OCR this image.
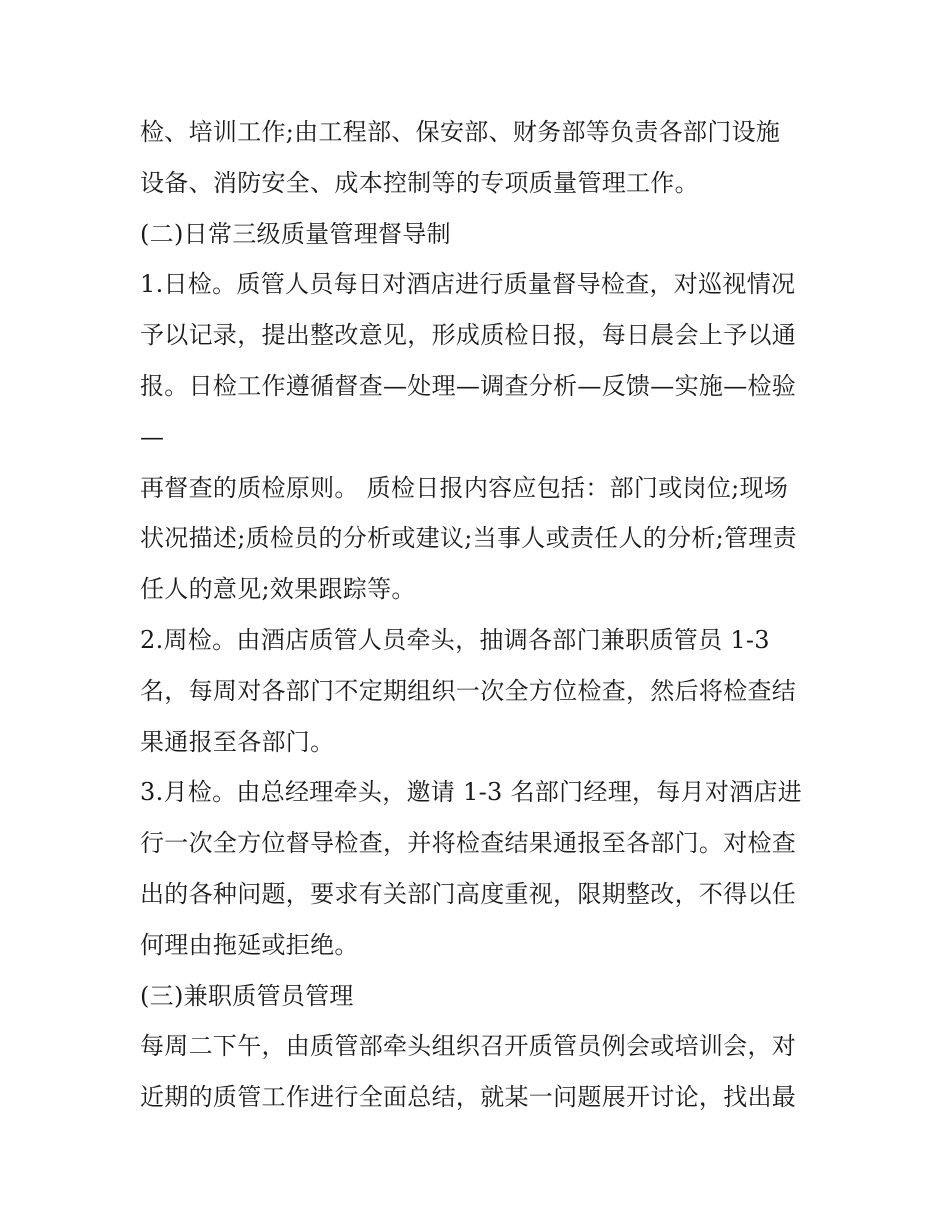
检、培训工作;由工程部、保安部、财务部等负责各部门设施
设备、消防安全、成本控制等的专项质量管理工作。
(二)日常三级质量管理督导制
1.日检。质管人员每日对酒店进行质量督导检查，对巡视情况
予以记录，提出整改意见，形成质检日报，每日晨会上予以通
报。日检工作遵循督查—处理—调查分析—反馈—实施—检验
—
再督查的质检原则。 质检日报内容应包括：部门或岗位;现场
状况描述;质检员的分析或建议;当事人或责任人的分析;管理责
任人的意见;效果跟踪等。
2.周检。由酒店质管人员牵头，抽调各部门兼职质管员 1-3
名，每周对各部门不定期组织一次全方位检查，然后将检查结
果通报至各部门。
3.月检。由总经理牵头，邀请 1-3 名部门经理，每月对酒店进
行一次全方位督导检查，并将检查结果通报至各部门。对检查
出的各种问题，要求有关部门高度重视，限期整改，不得以任
何理由拖延或拒绝。
(三)兼职质管员管理
每周二下午，由质管部牵头组织召开质管员例会或培训会，对
近期的质管工作进行全面总结，就某一问题展开讨论，找出最
